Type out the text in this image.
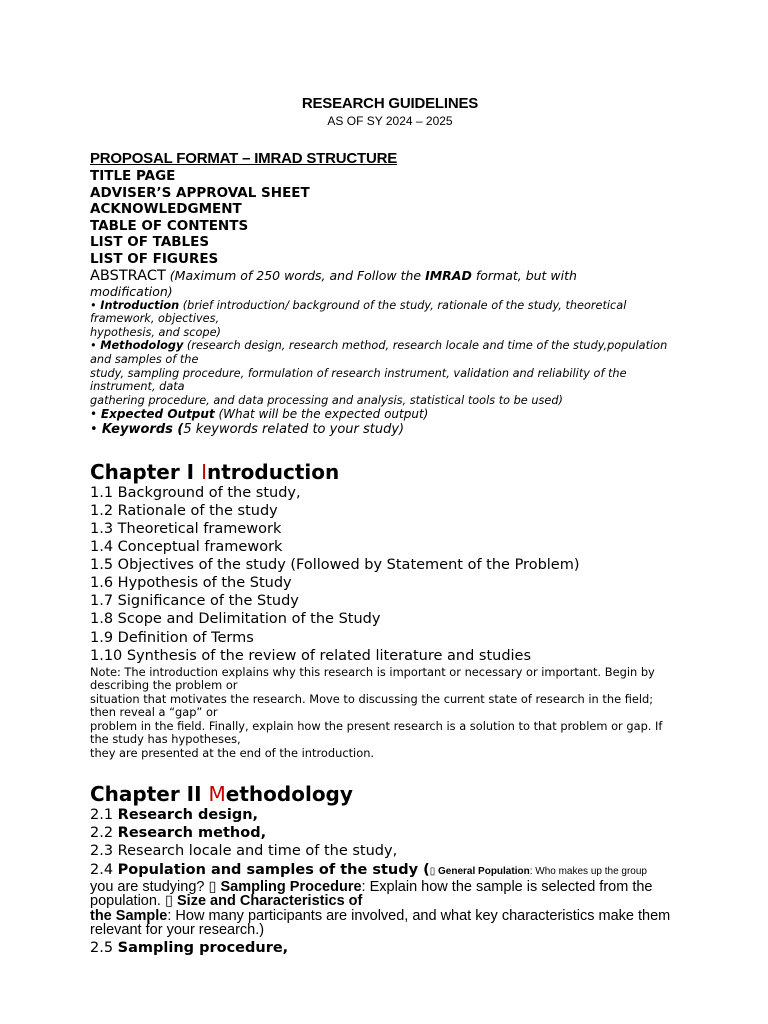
RESEARCH GUIDELINES

AS OF SY 2024 – 2025

PROPOSAL FORMAT – IMRAD STRUCTURE

TITLE PAGE

ADVISER’S APPROVAL SHEET

ACKNOWLEDGMENT

TABLE OF CONTENTS

LIST OF TABLES

LIST OF FIGURES

ABSTRACT (Maximum of 250 words, and Follow the IMRAD format, but with

modification)

• Introduction (brief introduction/ background of the study, rationale of the study, theoretical

framework, objectives,

hypothesis, and scope)

• Methodology (research design, research method, research locale and time of the study,population

and samples of the

study, sampling procedure, formulation of research instrument, validation and reliability of the

instrument, data

gathering procedure, and data processing and analysis, statistical tools to be used)

• Expected Output (What will be the expected output)

• Keywords (5 keywords related to your study)

Chapter I Introduction

1.1 Background of the study,

1.2 Rationale of the study

1.3 Theoretical framework

1.4 Conceptual framework

1.5 Objectives of the study (Followed by Statement of the Problem)

1.6 Hypothesis of the Study

1.7 Significance of the Study

1.8 Scope and Delimitation of the Study

1.9 Definition of Terms

1.10 Synthesis of the review of related literature and studies

Note: The introduction explains why this research is important or necessary or important. Begin by

describing the problem or

situation that motivates the research. Move to discussing the current state of research in the field;

then reveal a “gap” or

problem in the field. Finally, explain how the present research is a solution to that problem or gap. If

the study has hypotheses,

they are presented at the end of the introduction.

Chapter II Methodology

2.1 Research design,

2.2 Research method,

2.3 Research locale and time of the study,

2.4 Population and samples of the study (▯ General Population: Who makes up the group

you are studying? ▯ Sampling Procedure: Explain how the sample is selected from the population. ▯ Size and Characteristics of

the Sample: How many participants are involved, and what key characteristics make them relevant for your research.)

2.5 Sampling procedure,
